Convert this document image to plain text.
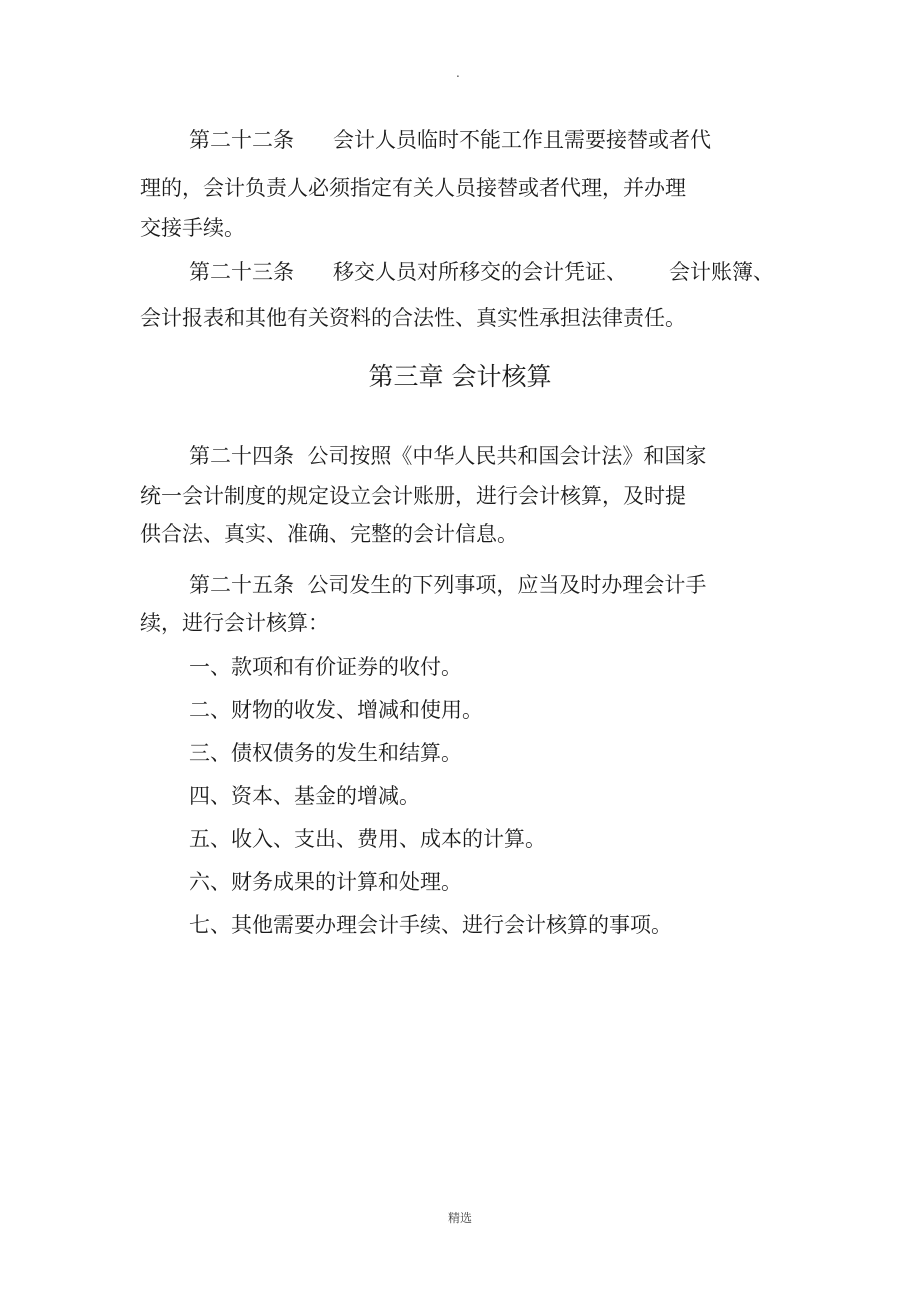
.
第二十二条 会计人员临时不能工作且需要接替或者代
理的，会计负责人必须指定有关人员接替或者代理，并办理
交接手续。
第二十三条 移交人员对所移交的会计凭证、 会计账簿、
会计报表和其他有关资料的合法性、真实性承担法律责任。
第三章 会计核算
第二十四条  公司按照《中华人民共和国会计法》和国家
统一会计制度的规定设立会计账册，进行会计核算，及时提
供合法、真实、准确、完整的会计信息。
第二十五条  公司发生的下列事项，应当及时办理会计手
续，进行会计核算：
一、款项和有价证券的收付。
二、财物的收发、增减和使用。
三、债权债务的发生和结算。
四、资本、基金的增减。
五、收入、支出、费用、成本的计算。
六、财务成果的计算和处理。
七、其他需要办理会计手续、进行会计核算的事项。
精选
